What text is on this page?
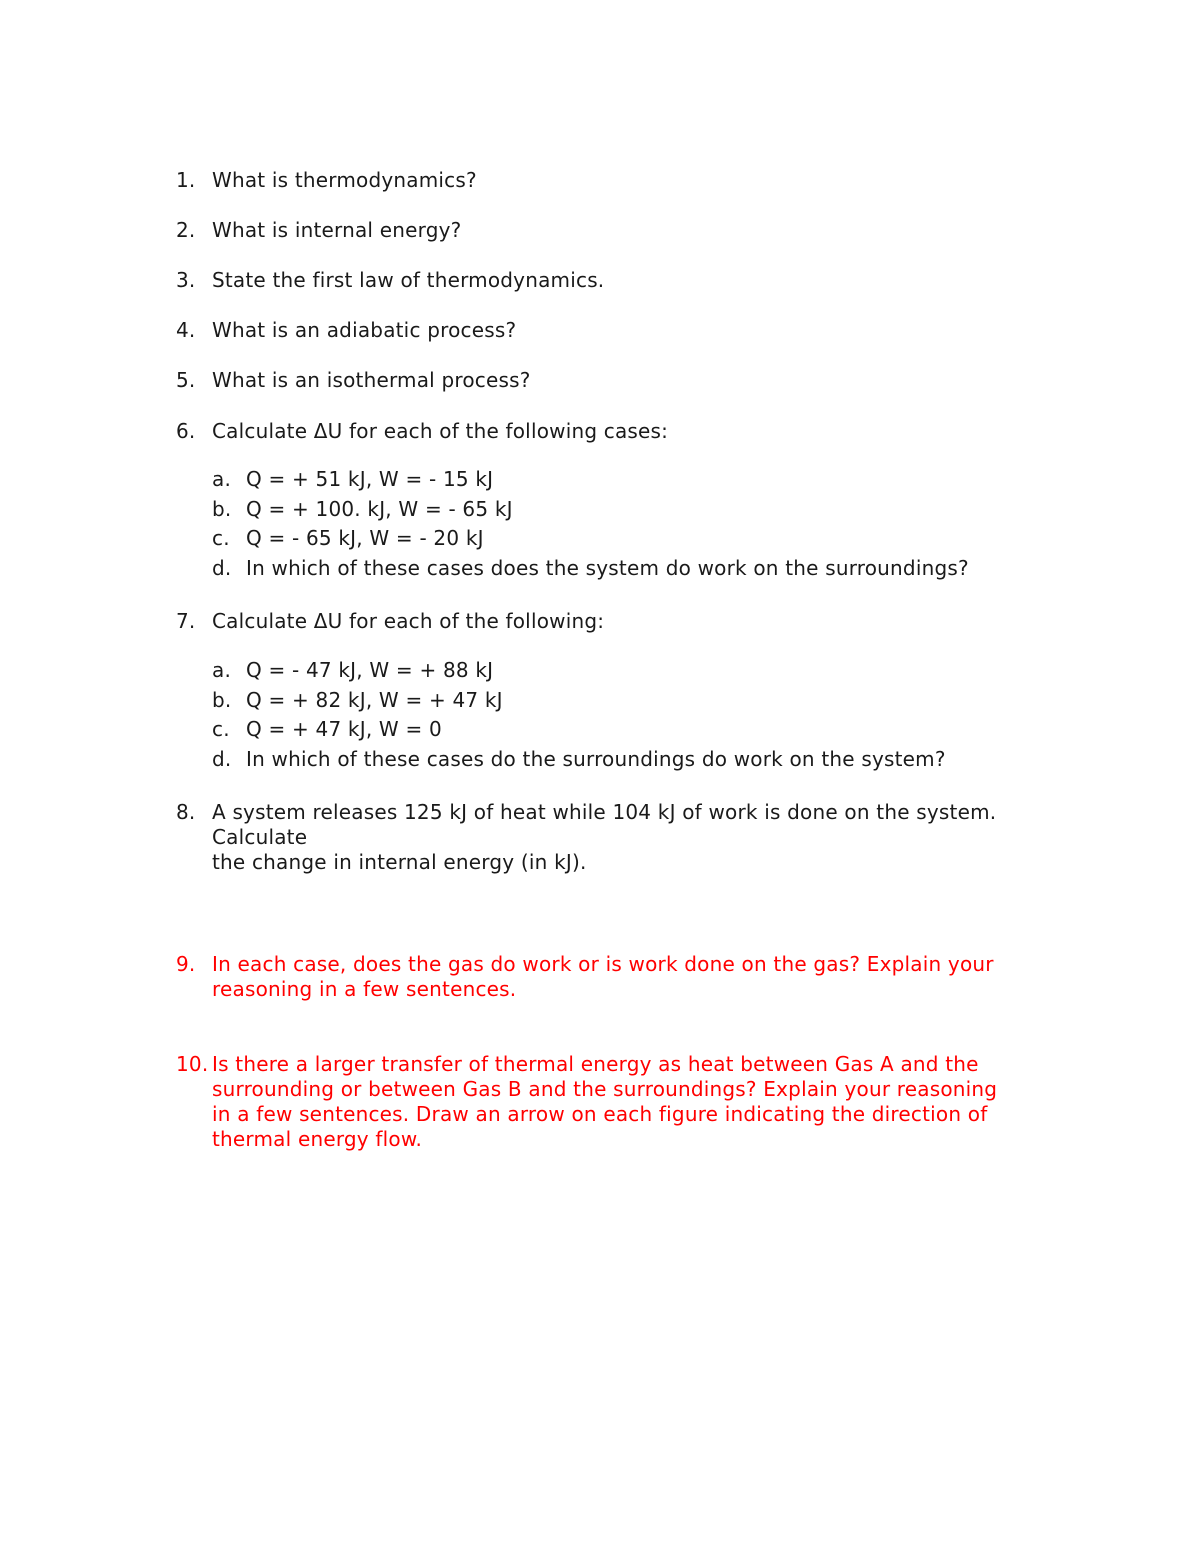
1. What is thermodynamics?
2. What is internal energy?
3. State the first law of thermodynamics.
4. What is an adiabatic process?
5. What is an isothermal process?
6. Calculate ΔU for each of the following cases:
a. Q = + 51 kJ, W = - 15 kJ
b. Q = + 100. kJ, W = - 65 kJ
c. Q = - 65 kJ, W = - 20 kJ
d. In which of these cases does the system do work on the surroundings?
7. Calculate ΔU for each of the following:
a. Q = - 47 kJ, W = + 88 kJ
b. Q = + 82 kJ, W = + 47 kJ
c. Q = + 47 kJ, W = 0
d. In which of these cases do the surroundings do work on the system?
8. A system releases 125 kJ of heat while 104 kJ of work is done on the system.
Calculate
the change in internal energy (in kJ).
9. In each case, does the gas do work or is work done on the gas? Explain your
reasoning in a few sentences.
10. Is there a larger transfer of thermal energy as heat between Gas A and the
surrounding or between Gas B and the surroundings? Explain your reasoning
in a few sentences. Draw an arrow on each figure indicating the direction of
thermal energy flow.
